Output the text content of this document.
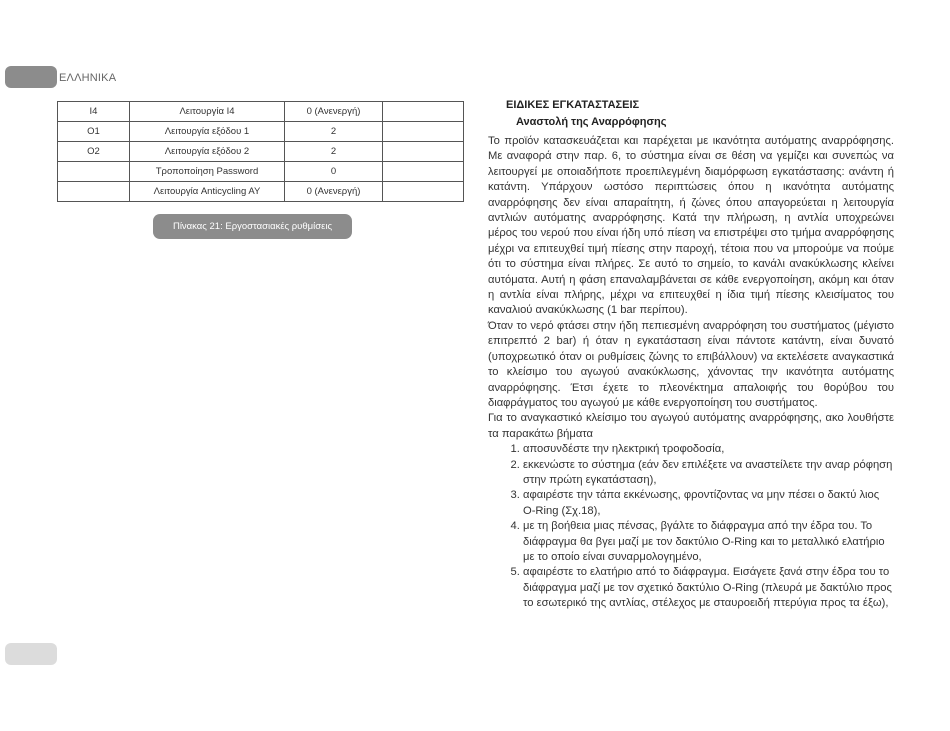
ΕΛΛΗΝΙΚΑ
I4	Λειτουργία I4	0 (Ανενεργή)	
O1	Λειτουργία εξόδου 1	2	
O2	Λειτουργία εξόδου 2	2	
	Τροποποίηση Password	0	
	Λειτουργία Anticycling AY	0 (Ανενεργή)	
Πίνακας 21: Εργοστασιακές ρυθμίσεις
ΕΙΔΙΚΕΣ ΕΓΚΑΤΑΣΤΑΣΕΙΣ
Αναστολή της Αναρρόφησης

Το προϊόν κατασκευάζεται και παρέχεται με ικανότητα αυτόματης αναρρόφησης. Με αναφορά στην παρ. 6, το σύστημα είναι σε θέση να γεμίζει και συνεπώς να λειτουργεί με οποιαδήποτε προεπιλεγμένη διαμόρφωση εγκατάστασης: ανάντη ή κατάντη. Υπάρχουν ωστόσο περιπτώσεις όπου η ικανότητα αυτόματης αναρρόφησης δεν είναι απαραίτητη, ή ζώνες όπου απαγορεύεται η λειτουργία αντλιών αυτόματης αναρρόφησης. Κατά την πλήρωση, η αντλία υποχρεώνει μέρος του νερού που είναι ήδη υπό πίεση να επιστρέψει στο τμήμα αναρρόφησης μέχρι να επιτευχθεί τιμή πίεσης στην παροχή, τέτοια που να μπορούμε να πούμε ότι το σύστημα είναι πλήρες. Σε αυτό το σημείο, το κανάλι ανακύκλωσης κλείνει αυτόματα. Αυτή η φάση επαναλαμβάνεται σε κάθε ενεργοποίηση, ακόμη και όταν η αντλία είναι πλήρης, μέχρι να επιτευχθεί η ίδια τιμή πίεσης κλεισίματος του καναλιού ανακύκλωσης (1 bar περίπου).

Όταν το νερό φτάσει στην ήδη πεπιεσμένη αναρρόφηση του συστήματος (μέγιστο επιτρεπτό 2 bar) ή όταν η εγκατάσταση είναι πάντοτε κατάντη, είναι δυνατό (υποχρεωτικό όταν οι ρυθμίσεις ζώνης το επιβάλλουν) να εκτελέσετε αναγκαστικά το κλείσιμο του αγωγού ανακύκλωσης, χάνοντας την ικανότητα αυτόματης αναρρόφησης. Έτσι έχετε το πλεονέκτημα απαλοιφής του θορύβου του διαφράγματος του αγωγού με κάθε ενεργοποίηση του συστήματος.

Για το αναγκαστικό κλείσιμο του αγωγού αυτόματης αναρρόφησης, ακο λουθήστε τα παρακάτω βήματα

1. αποσυνδέστε την ηλεκτρική τροφοδοσία,
2. εκκενώστε το σύστημα (εάν δεν επιλέξετε να αναστείλετε την αναρ ρόφηση στην πρώτη εγκατάσταση),
3. αφαιρέστε την τάπα εκκένωσης, φροντίζοντας να μην πέσει ο δακτύ λιος O-Ring (Σχ.18),
4. με τη βοήθεια μιας πένσας, βγάλτε το διάφραγμα από την έδρα του. Το διάφραγμα θα βγει μαζί με τον δακτύλιο O-Ring και το μεταλλικό ελατήριο με το οποίο είναι συναρμολογημένο,
5. αφαιρέστε το ελατήριο από το διάφραγμα. Εισάγετε ξανά στην έδρα του το διάφραγμα μαζί με τον σχετικό δακτύλιο O-Ring (πλευρά με δακτύλιο προς το εσωτερικό της αντλίας, στέλεχος με σταυροειδή πτερύγια προς τα έξω),
